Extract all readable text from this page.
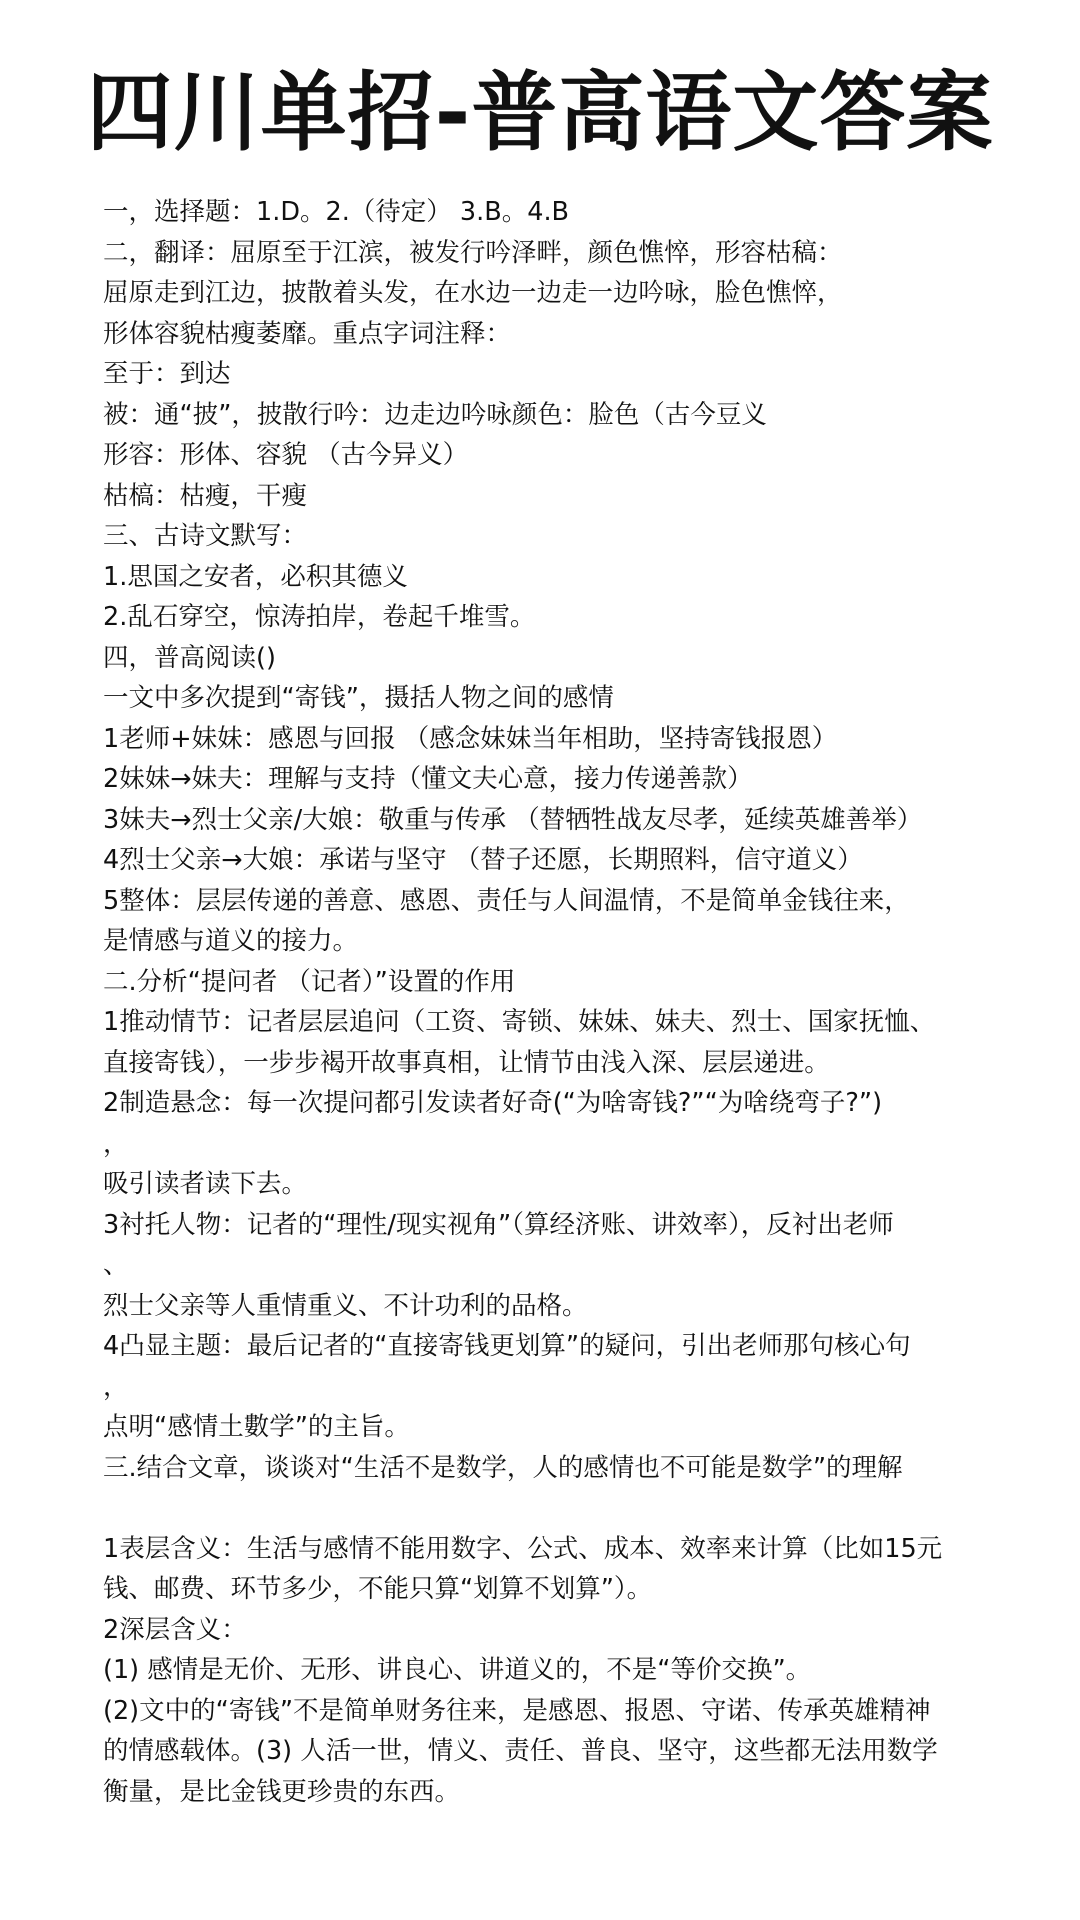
四川单招-普高语文答案
一，选择题：1.D。2.（待定） 3.B。4.B
二，翻译：屈原至于江滨，被发行吟泽畔，颜色憔悴，形容枯稿：
屈原走到江边，披散着头发，在水边一边走一边吟咏，脸色憔悴，
形体容貌枯瘦萎靡。重点字词注释：
至于：到达
被：通“披”，披散行吟：边走边吟咏颜色：脸色（古今豆义
形容：形体、容貌 （古今异义）
枯槁：枯瘦，干瘦
三、古诗文默写：
1.思国之安者，必积其德义
2.乱石穿空，惊涛拍岸，卷起千堆雪。
四，普高阅读()
一文中多次提到“寄钱”，摄括人物之间的感情
1老师+妹妹：感恩与回报 （感念妹妹当年相助，坚持寄钱报恩）
2妹妹→妹夫：理解与支持（懂文夫心意，接力传递善款）
3妹夫→烈士父亲/大娘：敬重与传承 （替牺牲战友尽孝，延续英雄善举）
4烈士父亲→大娘：承诺与坚守 （替子还愿，长期照料，信守道义）
5整体：层层传递的善意、感恩、责任与人间温情，不是简单金钱往来，
是情感与道义的接力。
二.分析“提问者 （记者）”设置的作用
1推动情节：记者层层追问（工资、寄锁、妹妹、妹夫、烈士、国家抚恤、
直接寄钱），一步步褐开故事真相，让情节由浅入深、层层递进。
2制造悬念：每一次提问都引发读者好奇(“为啥寄钱?”“为啥绕弯子?”)
，
吸引读者读下去。
3衬托人物：记者的“理性/现实视角”（算经济账、讲效率），反衬出老师
、
烈士父亲等人重情重义、不计功利的品格。
4凸显主题：最后记者的“直接寄钱更划算”的疑问，引出老师那句核心句
，
点明“感情土數学”的主旨。
三.结合文章，谈谈对“生活不是数学，人的感情也不可能是数学”的理解
1表层含义：生活与感情不能用数字、公式、成本、效率来计算（比如15元
钱、邮费、环节多少，不能只算“划算不划算”）。
2深层含义：
(1) 感情是无价、无形、讲良心、讲道义的，不是“等价交换”。
(2)文中的“寄钱”不是简单财务往来，是感恩、报恩、守诺、传承英雄精神
的情感载体。(3) 人活一世，情义、责任、普良、坚守，这些都无法用数学
衡量，是比金钱更珍贵的东西。
